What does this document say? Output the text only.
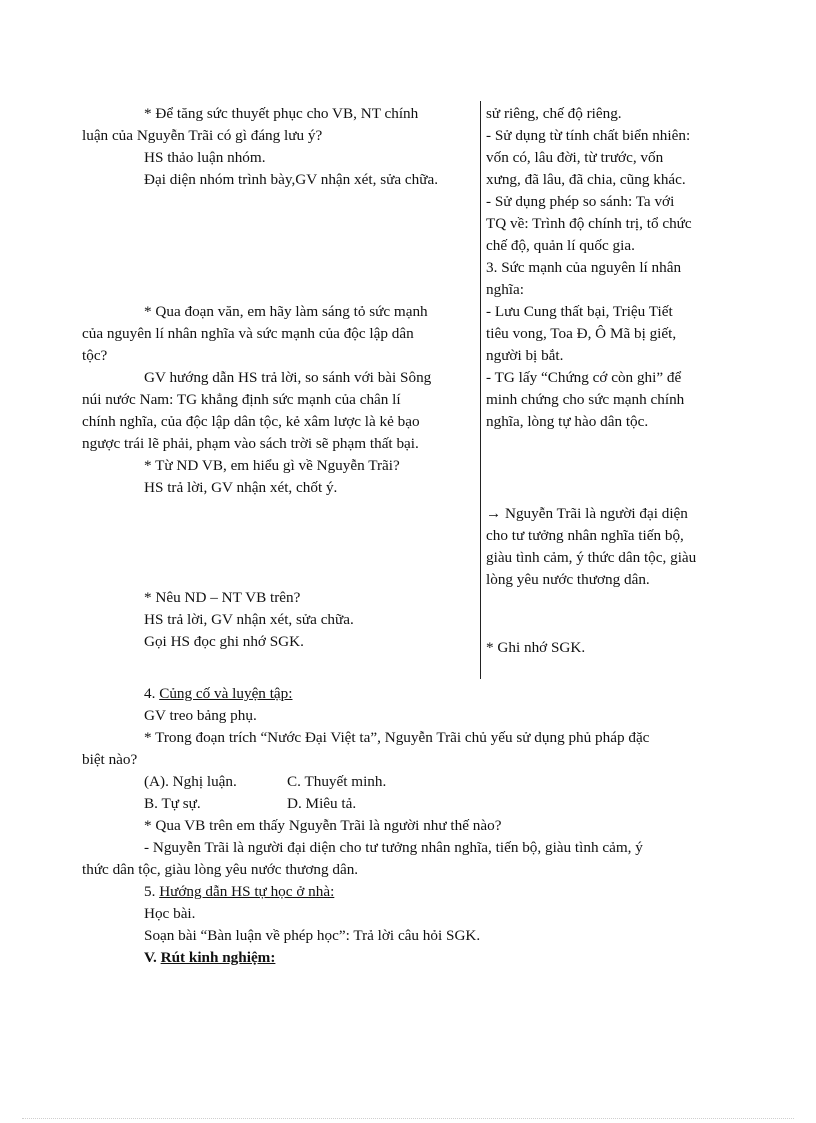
* Để tăng sức thuyết phục cho VB, NT chính
luận của Nguyễn Trãi có gì đáng lưu ý?
HS thảo luận nhóm.
Đại diện nhóm trình bày,GV nhận xét, sửa chữa.
* Qua đoạn văn, em hãy làm sáng tỏ sức mạnh
của nguyên lí nhân nghĩa và sức mạnh của độc lập dân
tộc?
GV hướng dẫn HS trả lời, so sánh với bài Sông
núi nước Nam: TG khẳng định sức mạnh của chân lí
chính nghĩa, của độc lập dân tộc, kẻ xâm lược là kẻ bạo
ngược trái lẽ phải, phạm vào sách trời sẽ phạm thất bại.
* Từ ND VB, em hiểu gì về Nguyễn Trãi?
HS trả lời, GV nhận xét, chốt ý.
* Nêu ND – NT VB trên?
HS trả lời, GV nhận xét, sửa chữa.
Gọi HS đọc ghi nhớ SGK.
sử riêng, chế độ riêng.
- Sử dụng từ tính chất biển nhiên:
vốn có, lâu đời, từ trước, vốn
xưng, đã lâu, đã chia, cũng khác.
- Sử dụng phép so sánh: Ta với
TQ về: Trình độ chính trị, tổ chức
chế độ, quản lí quốc gia.
3. Sức mạnh của nguyên lí nhân
nghĩa:
- Lưu Cung thất bại, Triệu Tiết
tiêu vong, Toa Đ, Ô Mã bị giết,
người bị bắt.
- TG lấy “Chứng cớ còn ghi” để
minh chứng cho sức mạnh chính
nghĩa, lòng tự hào dân tộc.
→ Nguyễn Trãi là người đại diện
cho tư tưởng nhân nghĩa tiến bộ,
giàu tình cảm, ý thức dân tộc, giàu
lòng yêu nước thương dân.
* Ghi nhớ SGK.
4. Củng cố và luyện tập:
GV treo bảng phụ.
* Trong đoạn trích “Nước Đại Việt ta”, Nguyễn Trãi chủ yếu sử dụng phủ pháp đặc
biệt nào?
(A). Nghị luận.	C. Thuyết minh.
B. Tự sự.	D. Miêu tả.
* Qua VB trên em thấy Nguyễn Trãi là người như thế nào?
- Nguyễn Trãi là người đại diện cho tư tưởng nhân nghĩa, tiến bộ, giàu tình cảm, ý
thức dân tộc, giàu lòng yêu nước thương dân.
5. Hướng dẫn HS tự học ở nhà:
Học bài.
Soạn bài “Bàn luận về phép học”: Trả lời câu hỏi SGK.
V. Rút kinh nghiệm:
